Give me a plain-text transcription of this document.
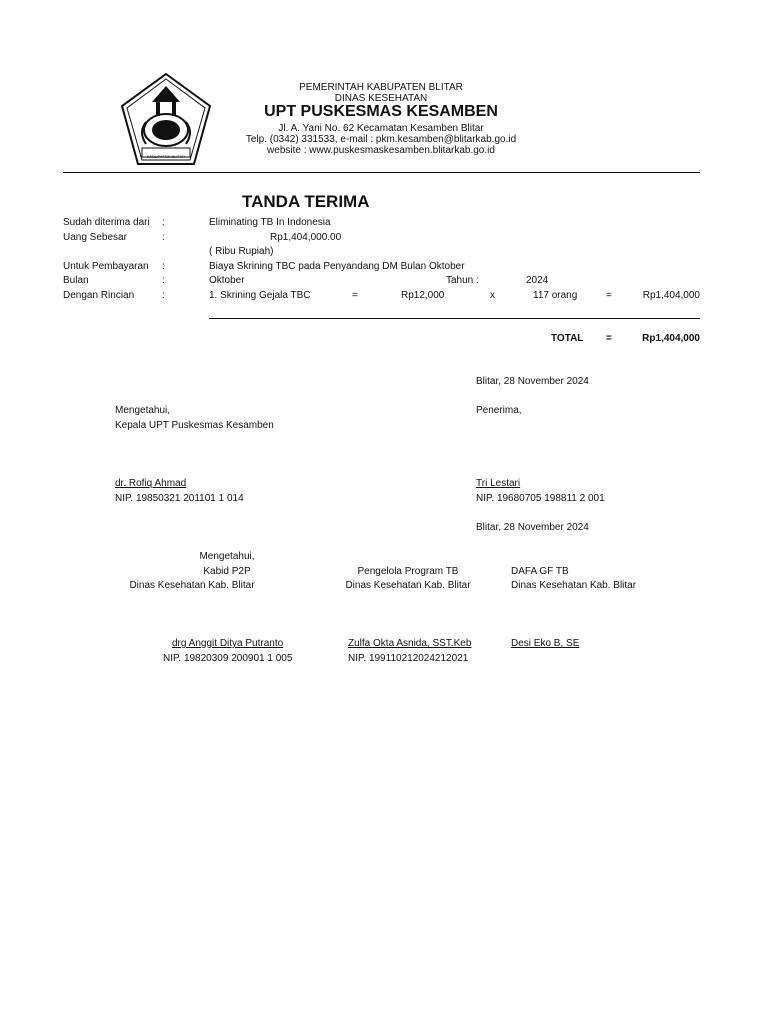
KABUPATEN BLITAR
PEMERINTAH KABUPATEN BLITAR
DINAS KESEHATAN
UPT PUSKESMAS KESAMBEN
Jl. A. Yani No. 62 Kecamatan Kesamben Blitar
Telp. (0342) 331533, e-mail : pkm.kesamben@blitarkab.go.id
website : www.puskesmaskesamben.blitarkab.go.id
TANDA TERIMA
Sudah diterima dari :	Eliminating TB In Indonesia
Uang Sebesar	:	Rp1,404,000.00
( Ribu Rupiah)
Untuk Pembayaran :	Biaya Skrining TBC pada Penyandang DM Bulan Oktober
Bulan	:	Oktober	Tahun :	2024
Dengan Rincian	:	1. Skrining Gejala TBC	=	Rp12,000	x	117 orang	=	Rp1,404,000
TOTAL =	Rp1,404,000
Blitar, 28 November 2024
Mengetahui,
Kepala UPT Puskesmas Kesamben
Penerima,
dr. Rofiq Ahmad
NIP. 19850321 201101 1 014
Tri Lestari
NIP. 19680705 198811 2 001
Blitar, 28 November 2024
Mengetahui,
Kabid P2P
Dinas Kesehatan Kab. Blitar
drg Anggit Ditya Putranto
NIP. 19820309 200901 1 005
Pengelola Program TB
Dinas Kesehatan Kab. Blitar
Zulfa Okta Asnida, SST.Keb
NIP. 199110212024212021
DAFA GF TB
Dinas Kesehatan Kab. Blitar
Desi Eko B, SE
